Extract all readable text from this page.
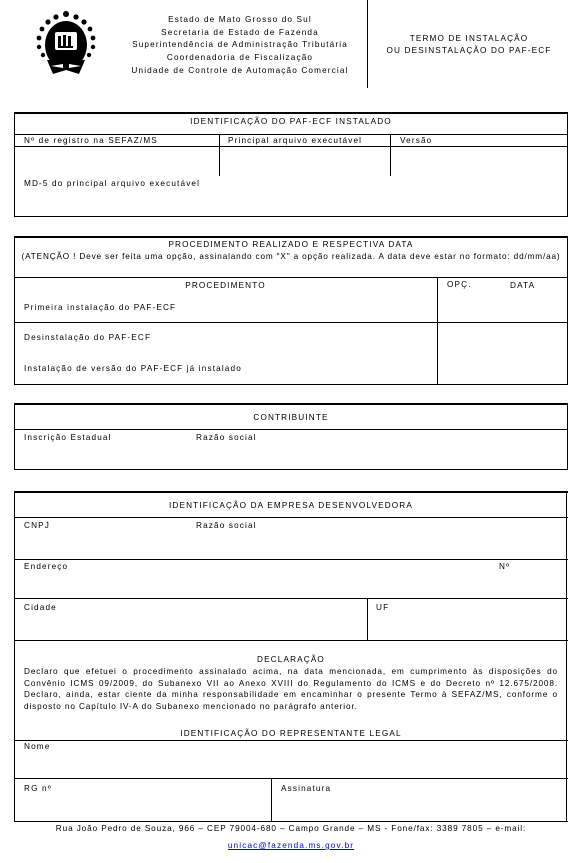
Estado de Mato Grosso do Sul
Secretaria de Estado de Fazenda
Superintendência de Administração Tributária
Coordenadoria de Fiscalização
Unidade de Controle de Automação Comercial
TERMO DE INSTALAÇÃO
OU DESINSTALAÇÃO DO PAF-ECF
IDENTIFICAÇÃO DO PAF-ECF INSTALADO
Nº de registro na SEFAZ/MS	Principal arquivo executável	Versão
MD-5 do principal arquivo executável
PROCEDIMENTO REALIZADO E RESPECTIVA DATA
(ATENÇÃO ! Deve ser feita uma opção, assinalando com "X" a opção realizada. A data deve estar no formato: dd/mm/aa)
PROCEDIMENTO	OPÇ.	DATA
Primeira instalação do PAF-ECF
Desinstalação do PAF-ECF
Instalação de versão do PAF-ECF já instalado
CONTRIBUINTE
Inscrição Estadual	Razão social
IDENTIFICAÇÃO DA EMPRESA DESENVOLVEDORA
CNPJ	Razão social
Endereço	Nº
Cidade	UF
DECLARAÇÃO
Declaro que efetuei o procedimento assinalado acima, na data mencionada, em cumprimento às disposições do Convênio ICMS 09/2009, do Subanexo VII ao Anexo XVIII do Regulamento do ICMS e do Decreto nº 12.675/2008. Declaro, ainda, estar ciente da minha responsabilidade em encaminhar o presente Termo à SEFAZ/MS, conforme o disposto no Capítulo IV-A do Subanexo mencionado no parágrafo anterior.
IDENTIFICAÇÃO DO REPRESENTANTE LEGAL
Nome
RG nº	Assinatura
Rua João Pedro de Souza, 966 – CEP 79004-680 – Campo Grande – MS - Fone/fax: 3389 7805 – e-mail:
unicac@fazenda.ms.gov.br
